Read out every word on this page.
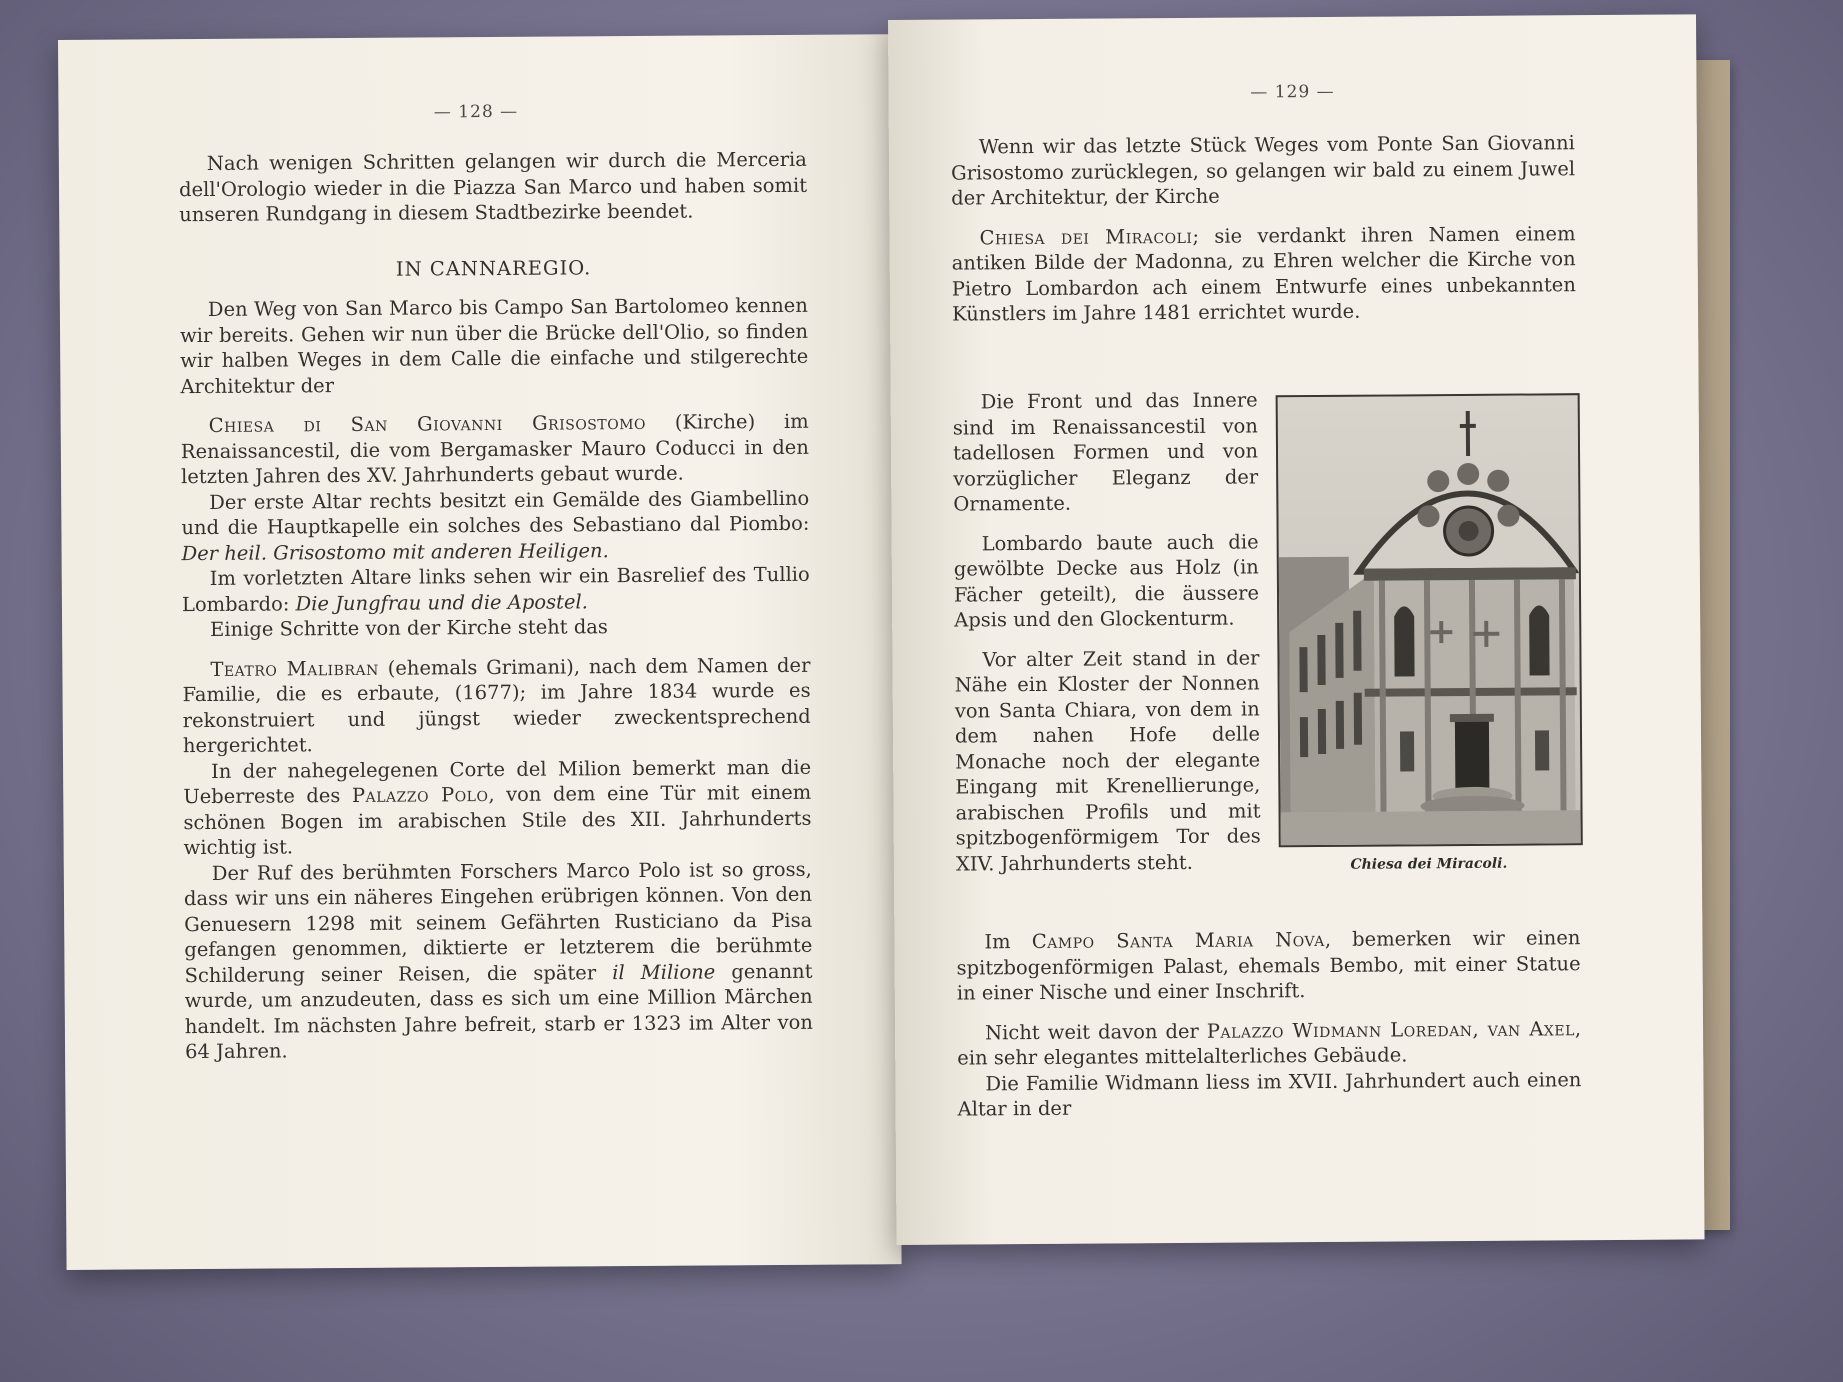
— 128 —

Nach wenigen Schritten gelangen wir durch die Merceria dell'Orologio wieder in die Piazza San Marco und haben somit unseren Rundgang in diesem Stadtbezirke beendet.

IN CANNAREGIO.

Den Weg von San Marco bis Campo San Bartolomeo kennen wir bereits. Gehen wir nun über die Brücke dell'Olio, so finden wir halben Weges in dem Calle die einfache und stilgerechte Architektur der

Chiesa di San Giovanni Grisostomo (Kirche) im Renaissancestil, die vom Bergamasker Mauro Coducci in den letzten Jahren des XV. Jahrhunderts gebaut wurde.

Der erste Altar rechts besitzt ein Gemälde des Giambellino und die Hauptkapelle ein solches des Sebastiano dal Piombo: Der heil. Grisostomo mit anderen Heiligen.

Im vorletzten Altare links sehen wir ein Basrelief des Tullio Lombardo: Die Jungfrau und die Apostel.

Einige Schritte von der Kirche steht das

Teatro Malibran (ehemals Grimani), nach dem Namen der Familie, die es erbaute, (1677); im Jahre 1834 wurde es rekonstruiert und jüngst wieder zweckentsprechend hergerichtet.

In der nahegelegenen Corte del Milion bemerkt man die Ueberreste des Palazzo Polo, von dem eine Tür mit einem schönen Bogen im arabischen Stile des XII. Jahrhunderts wichtig ist.

Der Ruf des berühmten Forschers Marco Polo ist so gross, dass wir uns ein näheres Eingehen erübrigen können. Von den Genuesern 1298 mit seinem Gefährten Rusticiano da Pisa gefangen genommen, diktierte er letzterem die berühmte Schilderung seiner Reisen, die später il Milione genannt wurde, um anzudeuten, dass es sich um eine Million Märchen handelt. Im nächsten Jahre befreit, starb er 1323 im Alter von 64 Jahren.

— 129 —

Wenn wir das letzte Stück Weges vom Ponte San Giovanni Grisostomo zurücklegen, so gelangen wir bald zu einem Juwel der Architektur, der Kirche

Chiesa dei Miracoli; sie verdankt ihren Namen einem antiken Bilde der Madonna, zu Ehren welcher die Kirche von Pietro Lombardon ach einem Entwurfe eines unbekannten Künstlers im Jahre 1481 errichtet wurde.

Die Front und das Innere sind im Renaissancestil von tadellosen Formen und von vorzüglicher Eleganz der Ornamente.

Lombardo baute auch die gewölbte Decke aus Holz (in Fächer geteilt), die äussere Apsis und den Glockenturm.

Vor alter Zeit stand in der Nähe ein Kloster der Nonnen von Santa Chiara, von dem in dem nahen Hofe delle Monache noch der elegante Eingang mit Krenellierunge, arabischen Profils und mit spitzbogenförmigem Tor des XIV. Jahrhunderts steht.	Chiesa dei Miracoli.

Im Campo Santa Maria Nova, bemerken wir einen spitzbogenförmigen Palast, ehemals Bembo, mit einer Statue in einer Nische und einer Inschrift.

Nicht weit davon der Palazzo Widmann Loredan, van Axel, ein sehr elegantes mittelalterliches Gebäude.

Die Familie Widmann liess im XVII. Jahrhundert auch einen Altar in der
